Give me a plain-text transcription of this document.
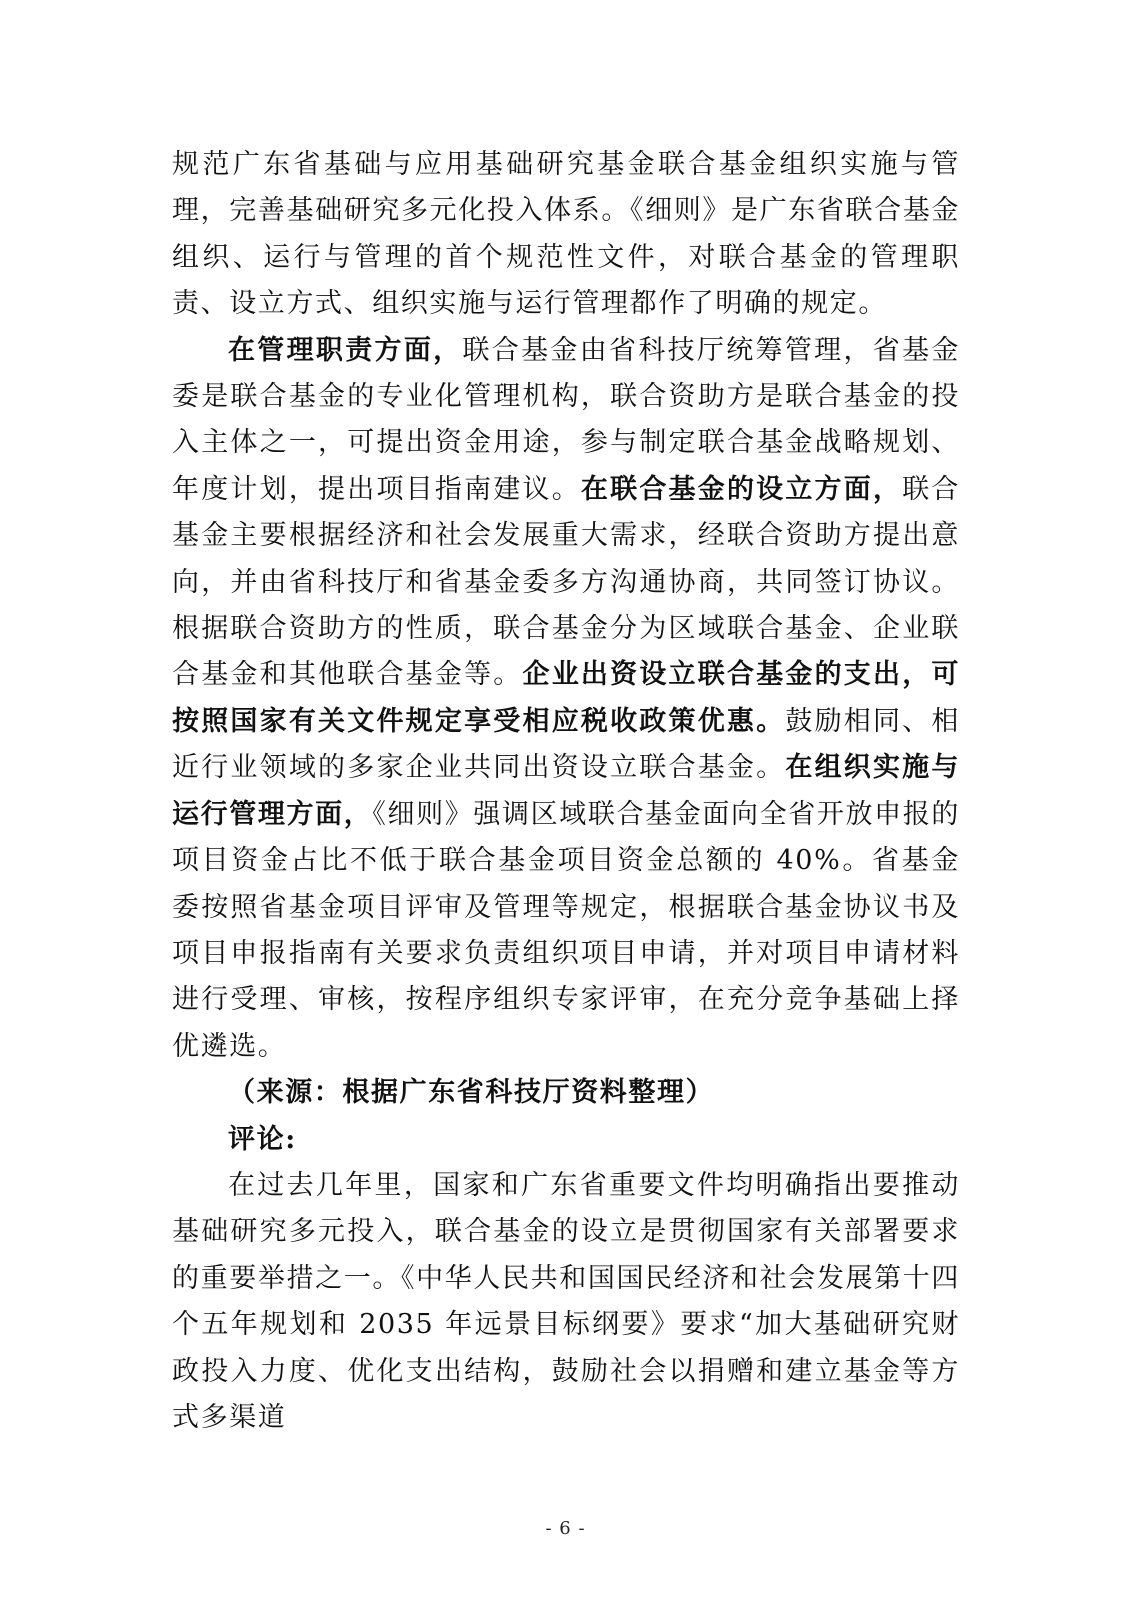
规范广东省基础与应用基础研究基金联合基金组织实施与管理，完善基础研究多元化投入体系。《细则》是广东省联合基金组织、运行与管理的首个规范性文件，对联合基金的管理职责、设立方式、组织实施与运行管理都作了明确的规定。

在管理职责方面，联合基金由省科技厅统筹管理，省基金委是联合基金的专业化管理机构，联合资助方是联合基金的投入主体之一，可提出资金用途，参与制定联合基金战略规划、年度计划，提出项目指南建议。在联合基金的设立方面，联合基金主要根据经济和社会发展重大需求，经联合资助方提出意向，并由省科技厅和省基金委多方沟通协商，共同签订协议。根据联合资助方的性质，联合基金分为区域联合基金、企业联合基金和其他联合基金等。企业出资设立联合基金的支出，可按照国家有关文件规定享受相应税收政策优惠。鼓励相同、相近行业领域的多家企业共同出资设立联合基金。在组织实施与运行管理方面，《细则》强调区域联合基金面向全省开放申报的项目资金占比不低于联合基金项目资金总额的 40%。省基金委按照省基金项目评审及管理等规定，根据联合基金协议书及项目申报指南有关要求负责组织项目申请，并对项目申请材料进行受理、审核，按程序组织专家评审，在充分竞争基础上择优遴选。

（来源：根据广东省科技厅资料整理）

评论:

在过去几年里，国家和广东省重要文件均明确指出要推动基础研究多元投入，联合基金的设立是贯彻国家有关部署要求的重要举措之一。《中华人民共和国国民经济和社会发展第十四个五年规划和 2035 年远景目标纲要》要求“加大基础研究财政投入力度、优化支出结构，鼓励社会以捐赠和建立基金等方式多渠道

- 6 -
